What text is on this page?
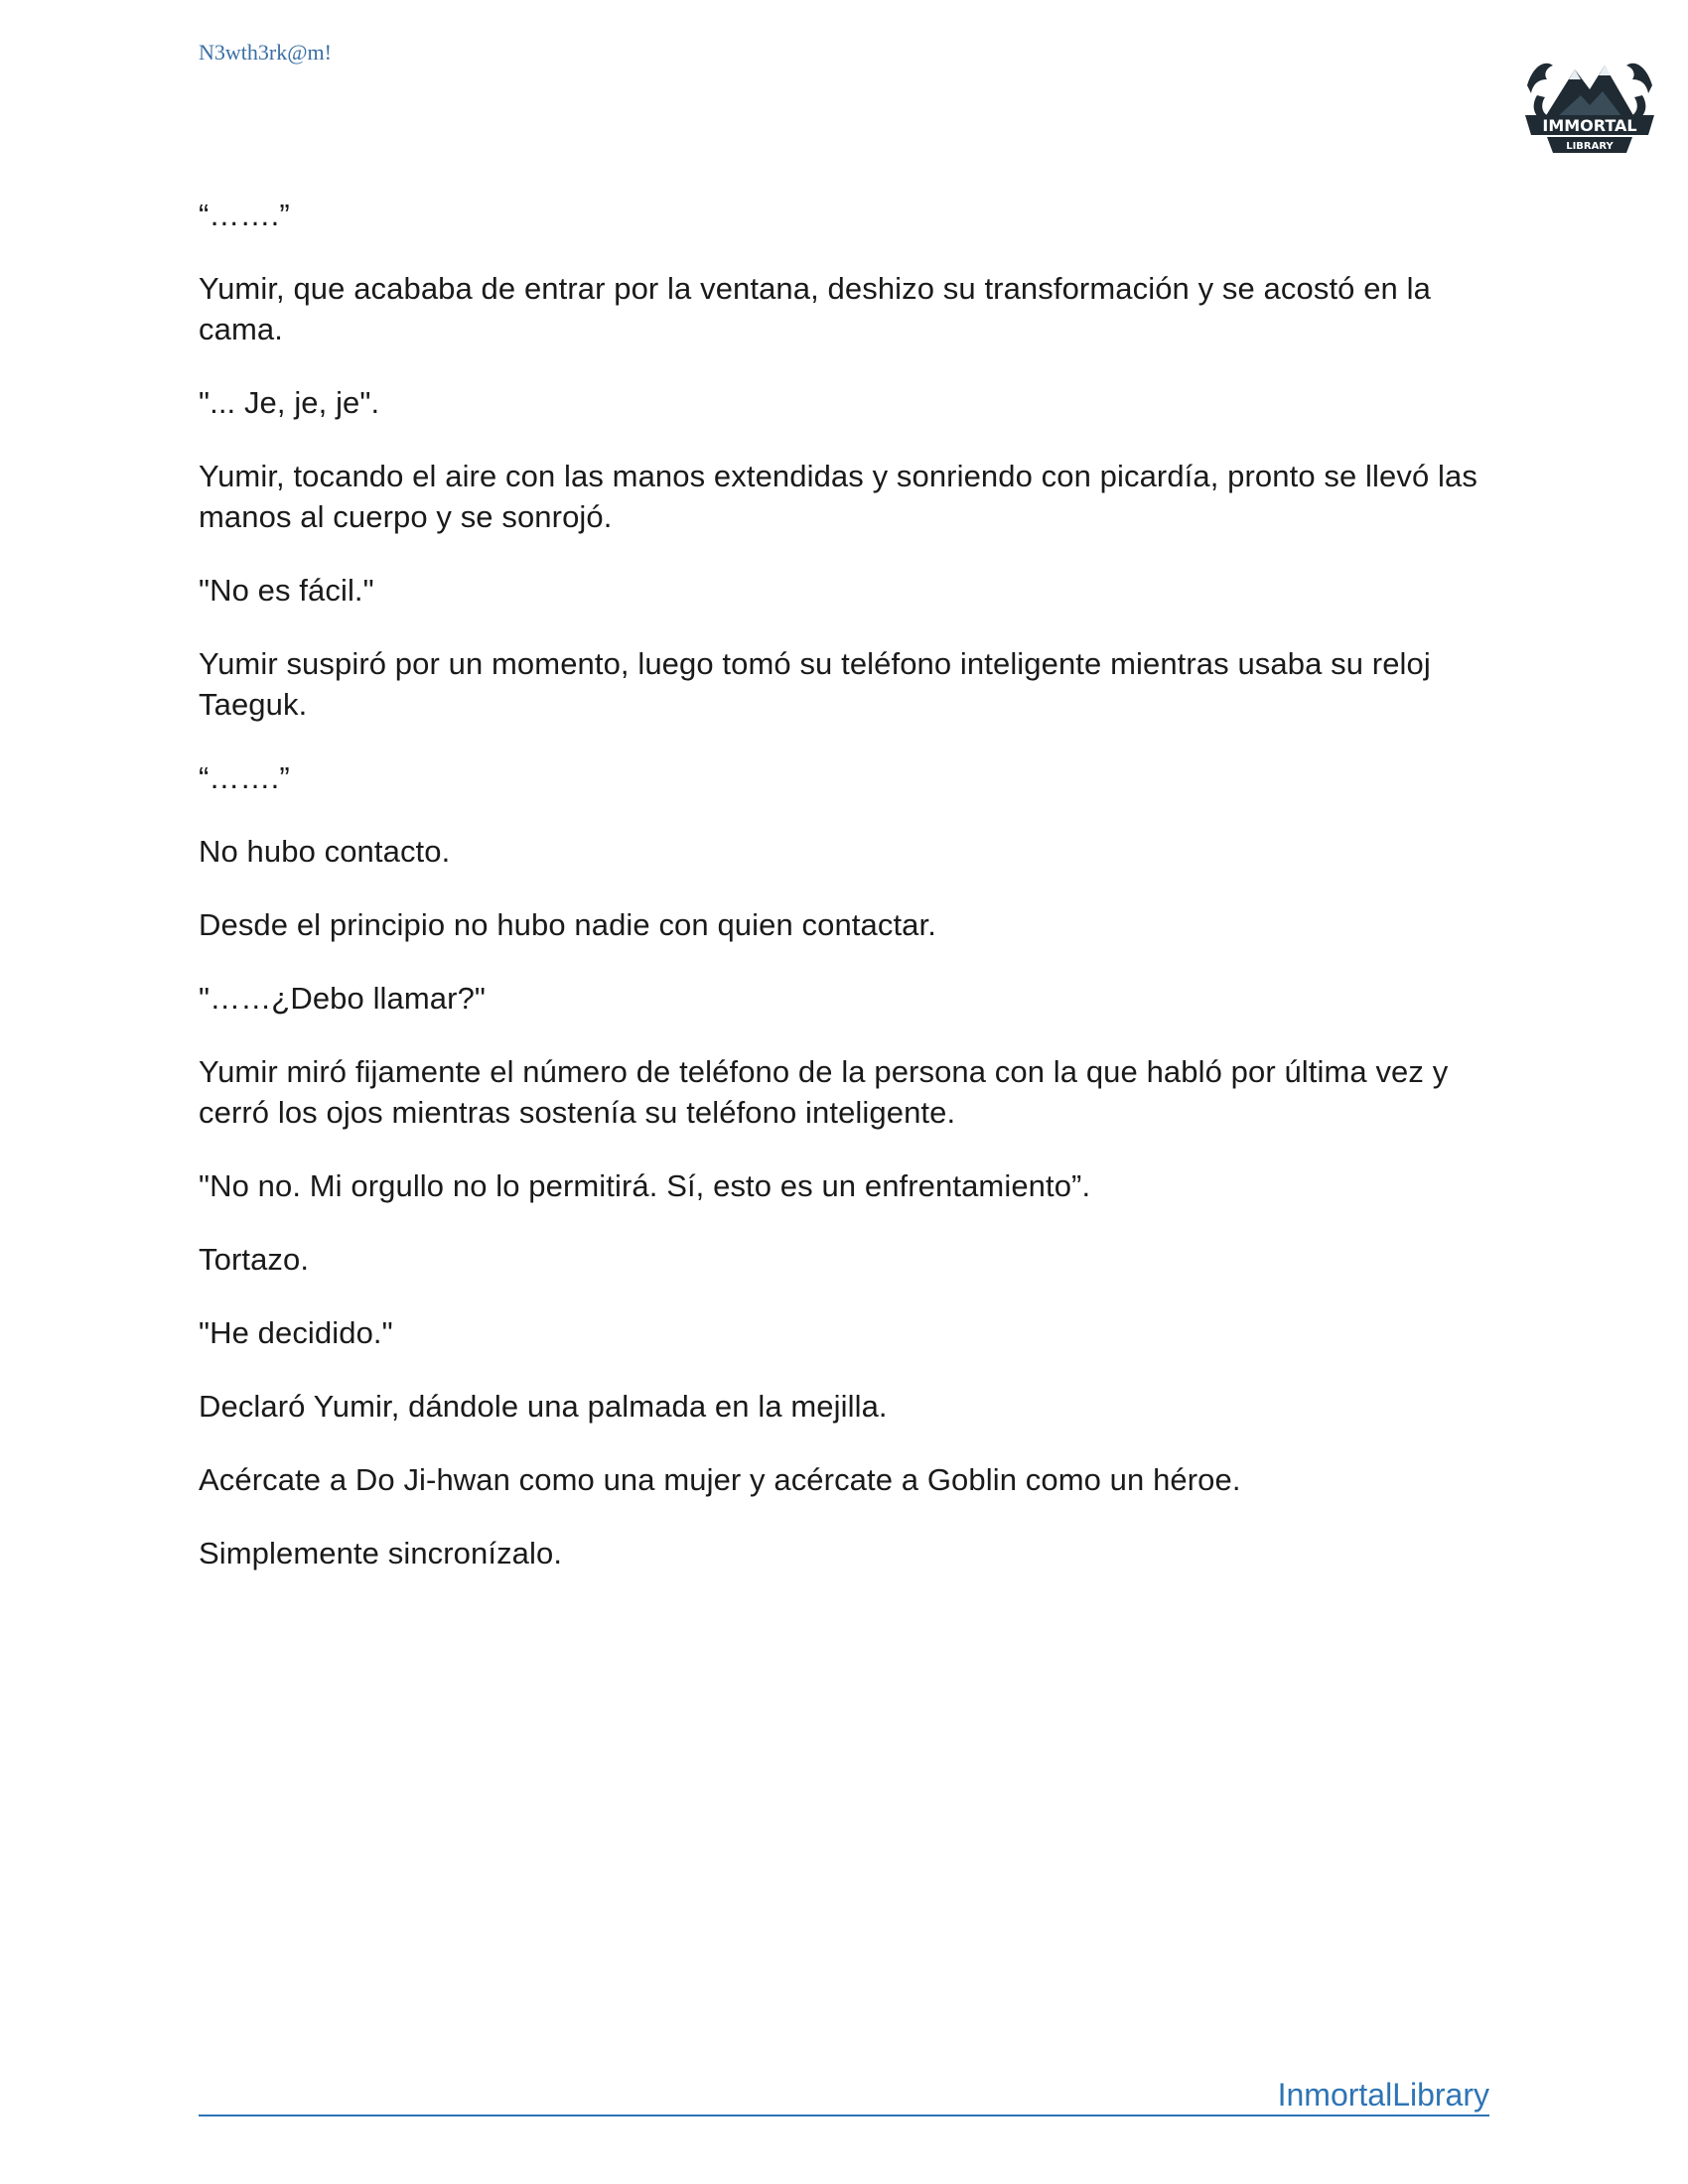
N3wth3rk@m!
IMMORTAL
LIBRARY

“…….”

Yumir, que acababa de entrar por la ventana, deshizo su transformación y se acostó en la cama.

"... Je, je, je".

Yumir, tocando el aire con las manos extendidas y sonriendo con picardía, pronto se llevó las manos al cuerpo y se sonrojó.

"No es fácil."

Yumir suspiró por un momento, luego tomó su teléfono inteligente mientras usaba su reloj Taeguk.

“…….”

No hubo contacto.

Desde el principio no hubo nadie con quien contactar.

"……¿Debo llamar?"

Yumir miró fijamente el número de teléfono de la persona con la que habló por última vez y cerró los ojos mientras sostenía su teléfono inteligente.

"No no. Mi orgullo no lo permitirá. Sí, esto es un enfrentamiento”.

Tortazo.

"He decidido."

Declaró Yumir, dándole una palmada en la mejilla.

Acércate a Do Ji-hwan como una mujer y acércate a Goblin como un héroe.

Simplemente sincronízalo.

InmortalLibrary
